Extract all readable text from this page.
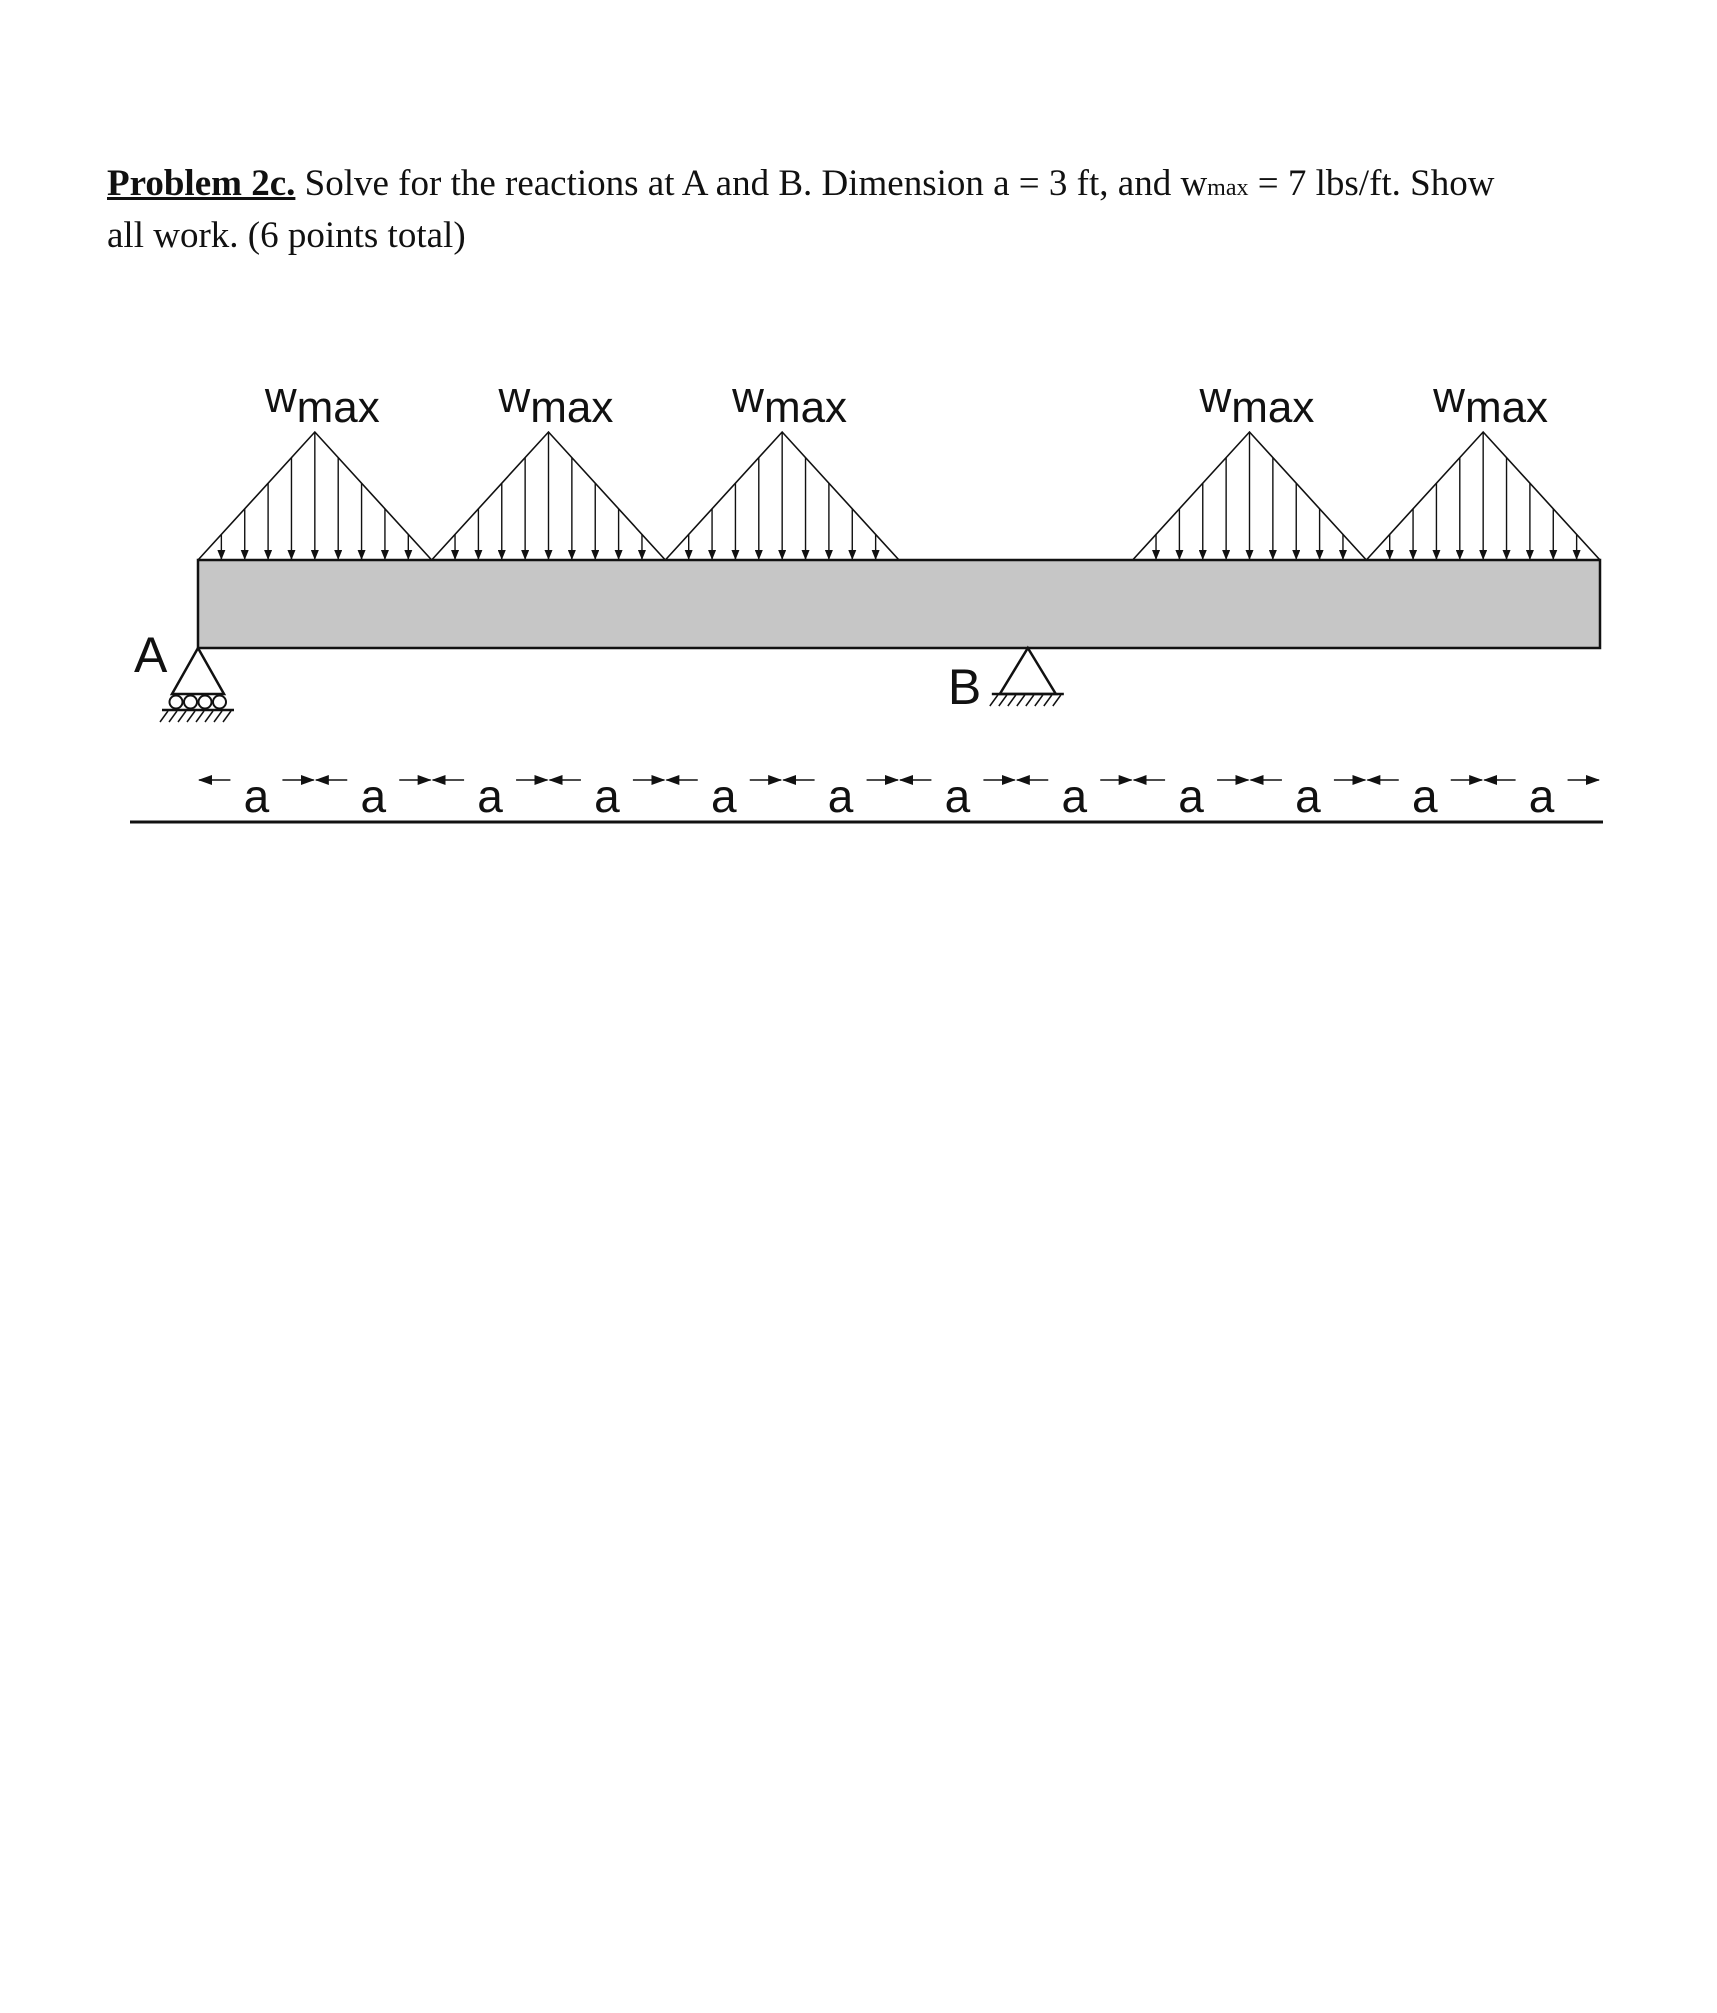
Problem 2c. Solve for the reactions at A and B. Dimension a = 3 ft, and wmax = 7 lbs/ft. Show
all work. (6 points total)
wmax	wmax	wmax	wmax	wmax
A
B
a a a a a a a a a a a a
